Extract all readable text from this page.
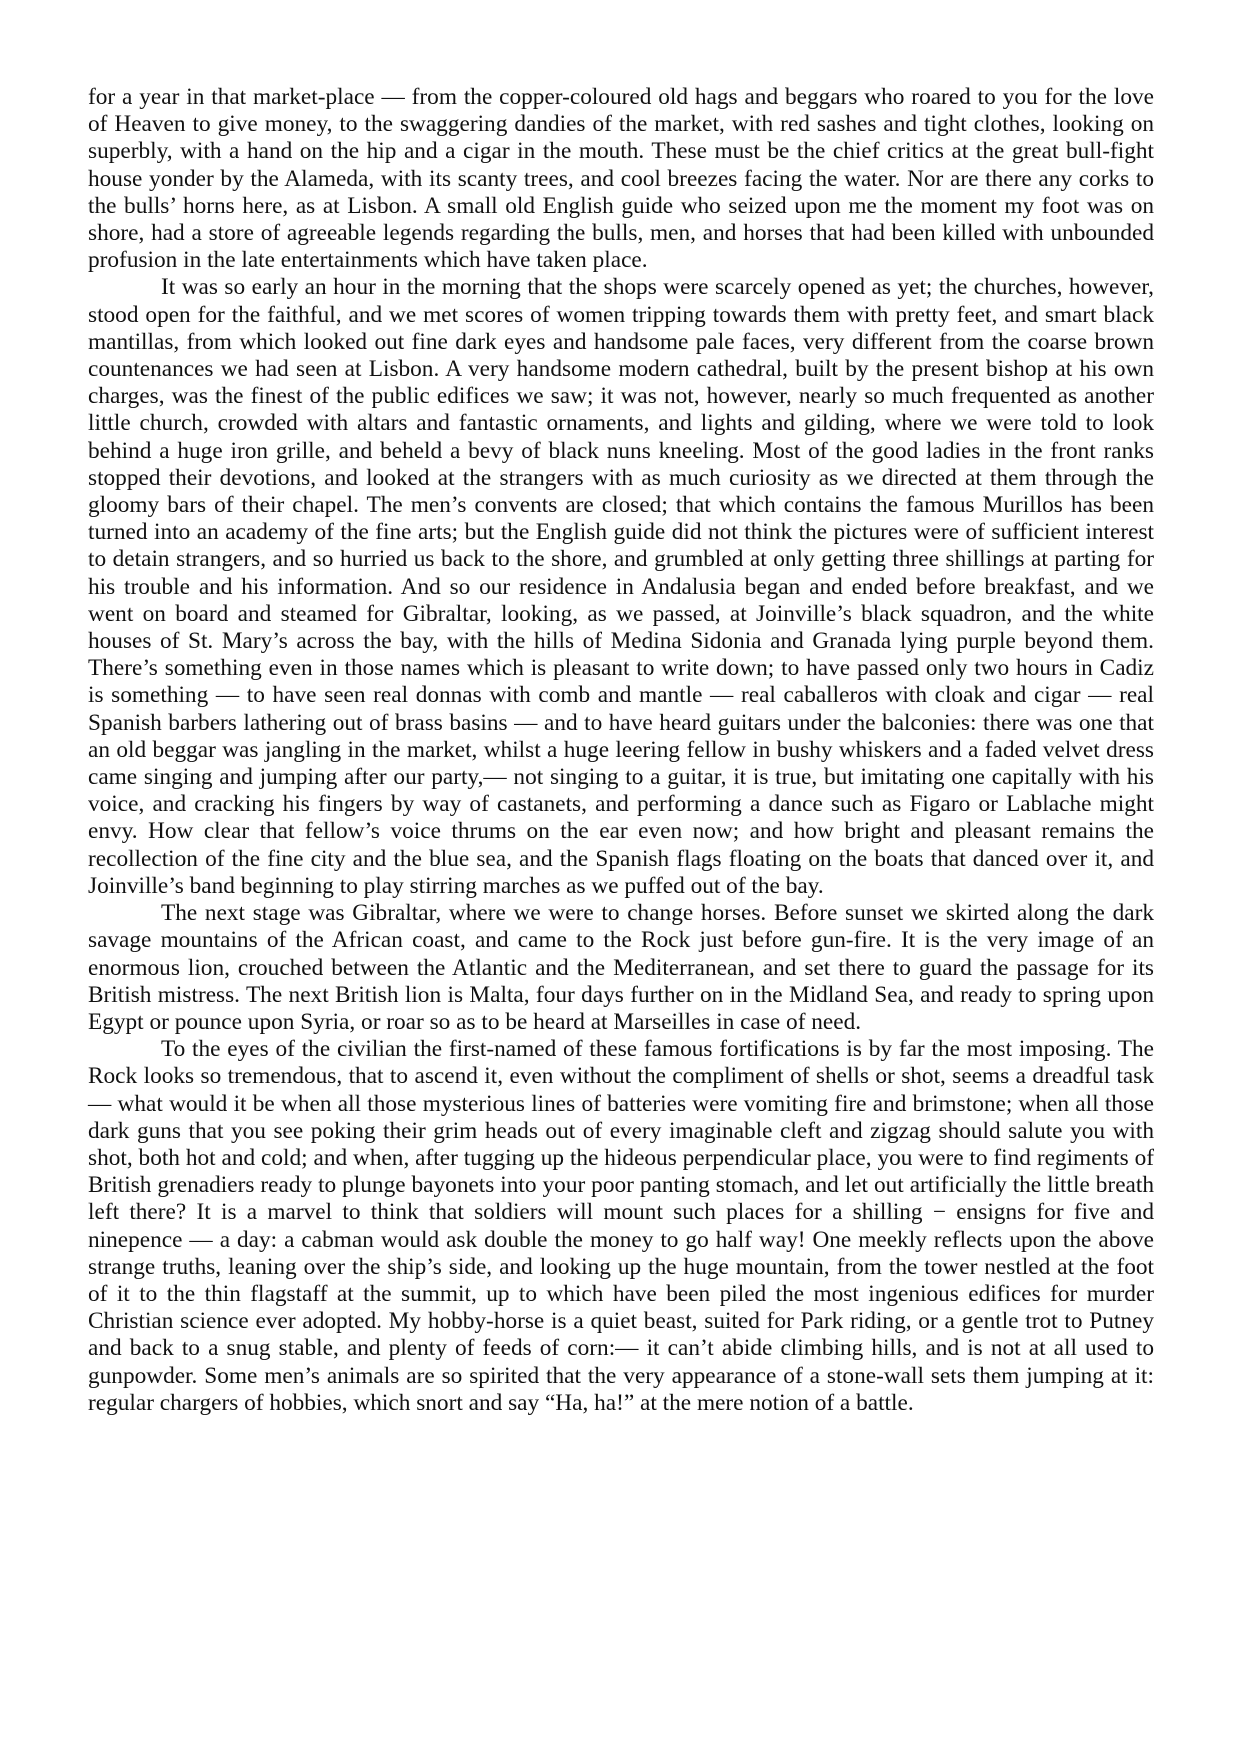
for a year in that market-place — from the copper-coloured old hags and beggars who roared to you for the love of Heaven to give money, to the swaggering dandies of the market, with red sashes and tight clothes, looking on superbly, with a hand on the hip and a cigar in the mouth. These must be the chief critics at the great bull-fight house yonder by the Alameda, with its scanty trees, and cool breezes facing the water. Nor are there any corks to the bulls’ horns here, as at Lisbon. A small old English guide who seized upon me the moment my foot was on shore, had a store of agreeable legends regarding the bulls, men, and horses that had been killed with unbounded profusion in the late entertainments which have taken place.

It was so early an hour in the morning that the shops were scarcely opened as yet; the churches, however, stood open for the faithful, and we met scores of women tripping towards them with pretty feet, and smart black mantillas, from which looked out fine dark eyes and handsome pale faces, very different from the coarse brown countenances we had seen at Lisbon. A very handsome modern cathedral, built by the present bishop at his own charges, was the finest of the public edifices we saw; it was not, however, nearly so much frequented as another little church, crowded with altars and fantastic ornaments, and lights and gilding, where we were told to look behind a huge iron grille, and beheld a bevy of black nuns kneeling. Most of the good ladies in the front ranks stopped their devotions, and looked at the strangers with as much curiosity as we directed at them through the gloomy bars of their chapel. The men’s convents are closed; that which contains the famous Murillos has been turned into an academy of the fine arts; but the English guide did not think the pictures were of sufficient interest to detain strangers, and so hurried us back to the shore, and grumbled at only getting three shillings at parting for his trouble and his information. And so our residence in Andalusia began and ended before breakfast, and we went on board and steamed for Gibraltar, looking, as we passed, at Joinville’s black squadron, and the white houses of St. Mary’s across the bay, with the hills of Medina Sidonia and Granada lying purple beyond them. There’s something even in those names which is pleasant to write down; to have passed only two hours in Cadiz is something — to have seen real donnas with comb and mantle — real caballeros with cloak and cigar — real Spanish barbers lathering out of brass basins — and to have heard guitars under the balconies: there was one that an old beggar was jangling in the market, whilst a huge leering fellow in bushy whiskers and a faded velvet dress came singing and jumping after our party,— not singing to a guitar, it is true, but imitating one capitally with his voice, and cracking his fingers by way of castanets, and performing a dance such as Figaro or Lablache might envy. How clear that fellow’s voice thrums on the ear even now; and how bright and pleasant remains the recollection of the fine city and the blue sea, and the Spanish flags floating on the boats that danced over it, and Joinville’s band beginning to play stirring marches as we puffed out of the bay.

The next stage was Gibraltar, where we were to change horses. Before sunset we skirted along the dark savage mountains of the African coast, and came to the Rock just before gun-fire. It is the very image of an enormous lion, crouched between the Atlantic and the Mediterranean, and set there to guard the passage for its British mistress. The next British lion is Malta, four days further on in the Midland Sea, and ready to spring upon Egypt or pounce upon Syria, or roar so as to be heard at Marseilles in case of need.

To the eyes of the civilian the first-named of these famous fortifications is by far the most imposing. The Rock looks so tremendous, that to ascend it, even without the compliment of shells or shot, seems a dreadful task — what would it be when all those mysterious lines of batteries were vomiting fire and brimstone; when all those dark guns that you see poking their grim heads out of every imaginable cleft and zigzag should salute you with shot, both hot and cold; and when, after tugging up the hideous perpendicular place, you were to find regiments of British grenadiers ready to plunge bayonets into your poor panting stomach, and let out artificially the little breath left there? It is a marvel to think that soldiers will mount such places for a shilling − ensigns for five and ninepence — a day: a cabman would ask double the money to go half way! One meekly reflects upon the above strange truths, leaning over the ship’s side, and looking up the huge mountain, from the tower nestled at the foot of it to the thin flagstaff at the summit, up to which have been piled the most ingenious edifices for murder Christian science ever adopted. My hobby-horse is a quiet beast, suited for Park riding, or a gentle trot to Putney and back to a snug stable, and plenty of feeds of corn:— it can’t abide climbing hills, and is not at all used to gunpowder. Some men’s animals are so spirited that the very appearance of a stone-wall sets them jumping at it: regular chargers of hobbies, which snort and say “Ha, ha!” at the mere notion of a battle.
